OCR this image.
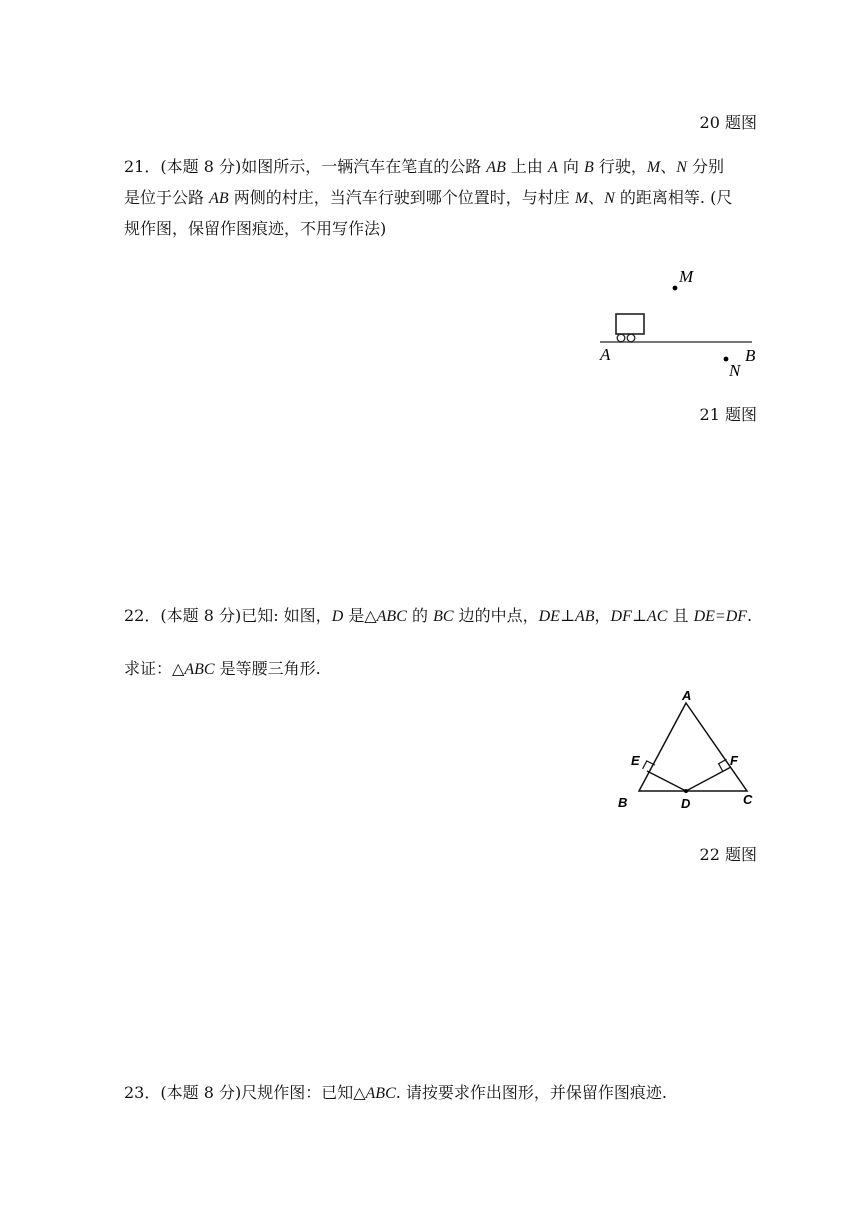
20 题图
21．(本题 8 分)如图所示，一辆汽车在笔直的公路 AB 上由 A 向 B 行驶，M、N 分别
是位于公路 AB 两侧的村庄，当汽车行驶到哪个位置时，与村庄 M、N 的距离相等. (尺
规作图，保留作图痕迹，不用写作法)
M
N
A	B
21 题图
22．(本题 8 分)已知: 如图，D 是△ABC 的 BC 边的中点，DE⊥AB，DF⊥AC 且 DE=DF.
求证：△ABC 是等腰三角形.
A
B	C
D
E	F
22 题图
23．(本题 8 分)尺规作图：已知△ABC. 请按要求作出图形，并保留作图痕迹.
